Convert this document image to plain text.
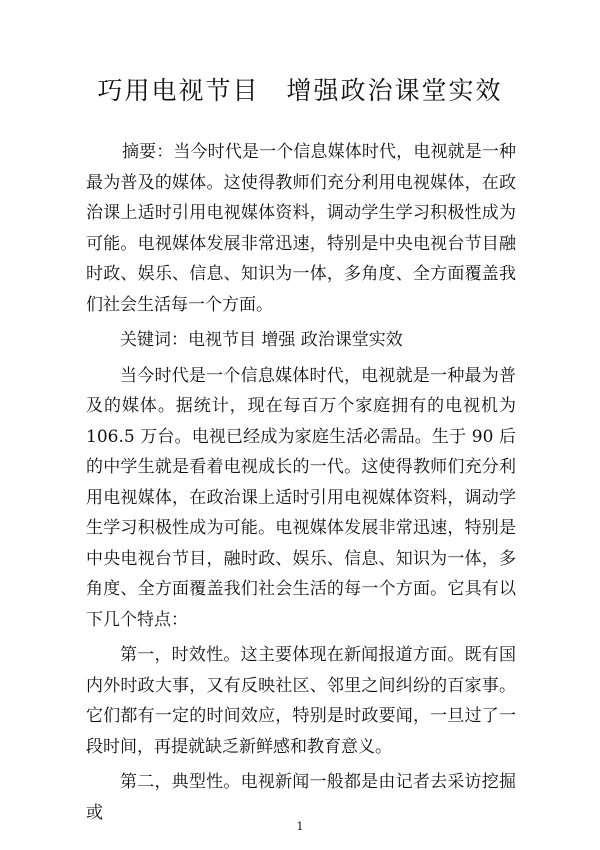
巧用电视节目　增强政治课堂实效

摘要：当今时代是一个信息媒体时代，电视就是一种最为普及的媒体。这使得教师们充分利用电视媒体，在政治课上适时引用电视媒体资料，调动学生学习积极性成为可能。电视媒体发展非常迅速，特别是中央电视台节目融时政、娱乐、信息、知识为一体，多角度、全方面覆盖我们社会生活每一个方面。

关键词：电视节目 增强 政治课堂实效

当今时代是一个信息媒体时代，电视就是一种最为普及的媒体。据统计，现在每百万个家庭拥有的电视机为 106.5 万台。电视已经成为家庭生活必需品。生于 90 后的中学生就是看着电视成长的一代。这使得教师们充分利用电视媒体，在政治课上适时引用电视媒体资料，调动学生学习积极性成为可能。电视媒体发展非常迅速，特别是中央电视台节目，融时政、娱乐、信息、知识为一体，多角度、全方面覆盖我们社会生活的每一个方面。它具有以下几个特点：

第一，时效性。这主要体现在新闻报道方面。既有国内外时政大事，又有反映社区、邻里之间纠纷的百家事。它们都有一定的时间效应，特别是时政要闻，一旦过了一段时间，再提就缺乏新鲜感和教育意义。

第二，典型性。电视新闻一般都是由记者去采访挖掘或

1
